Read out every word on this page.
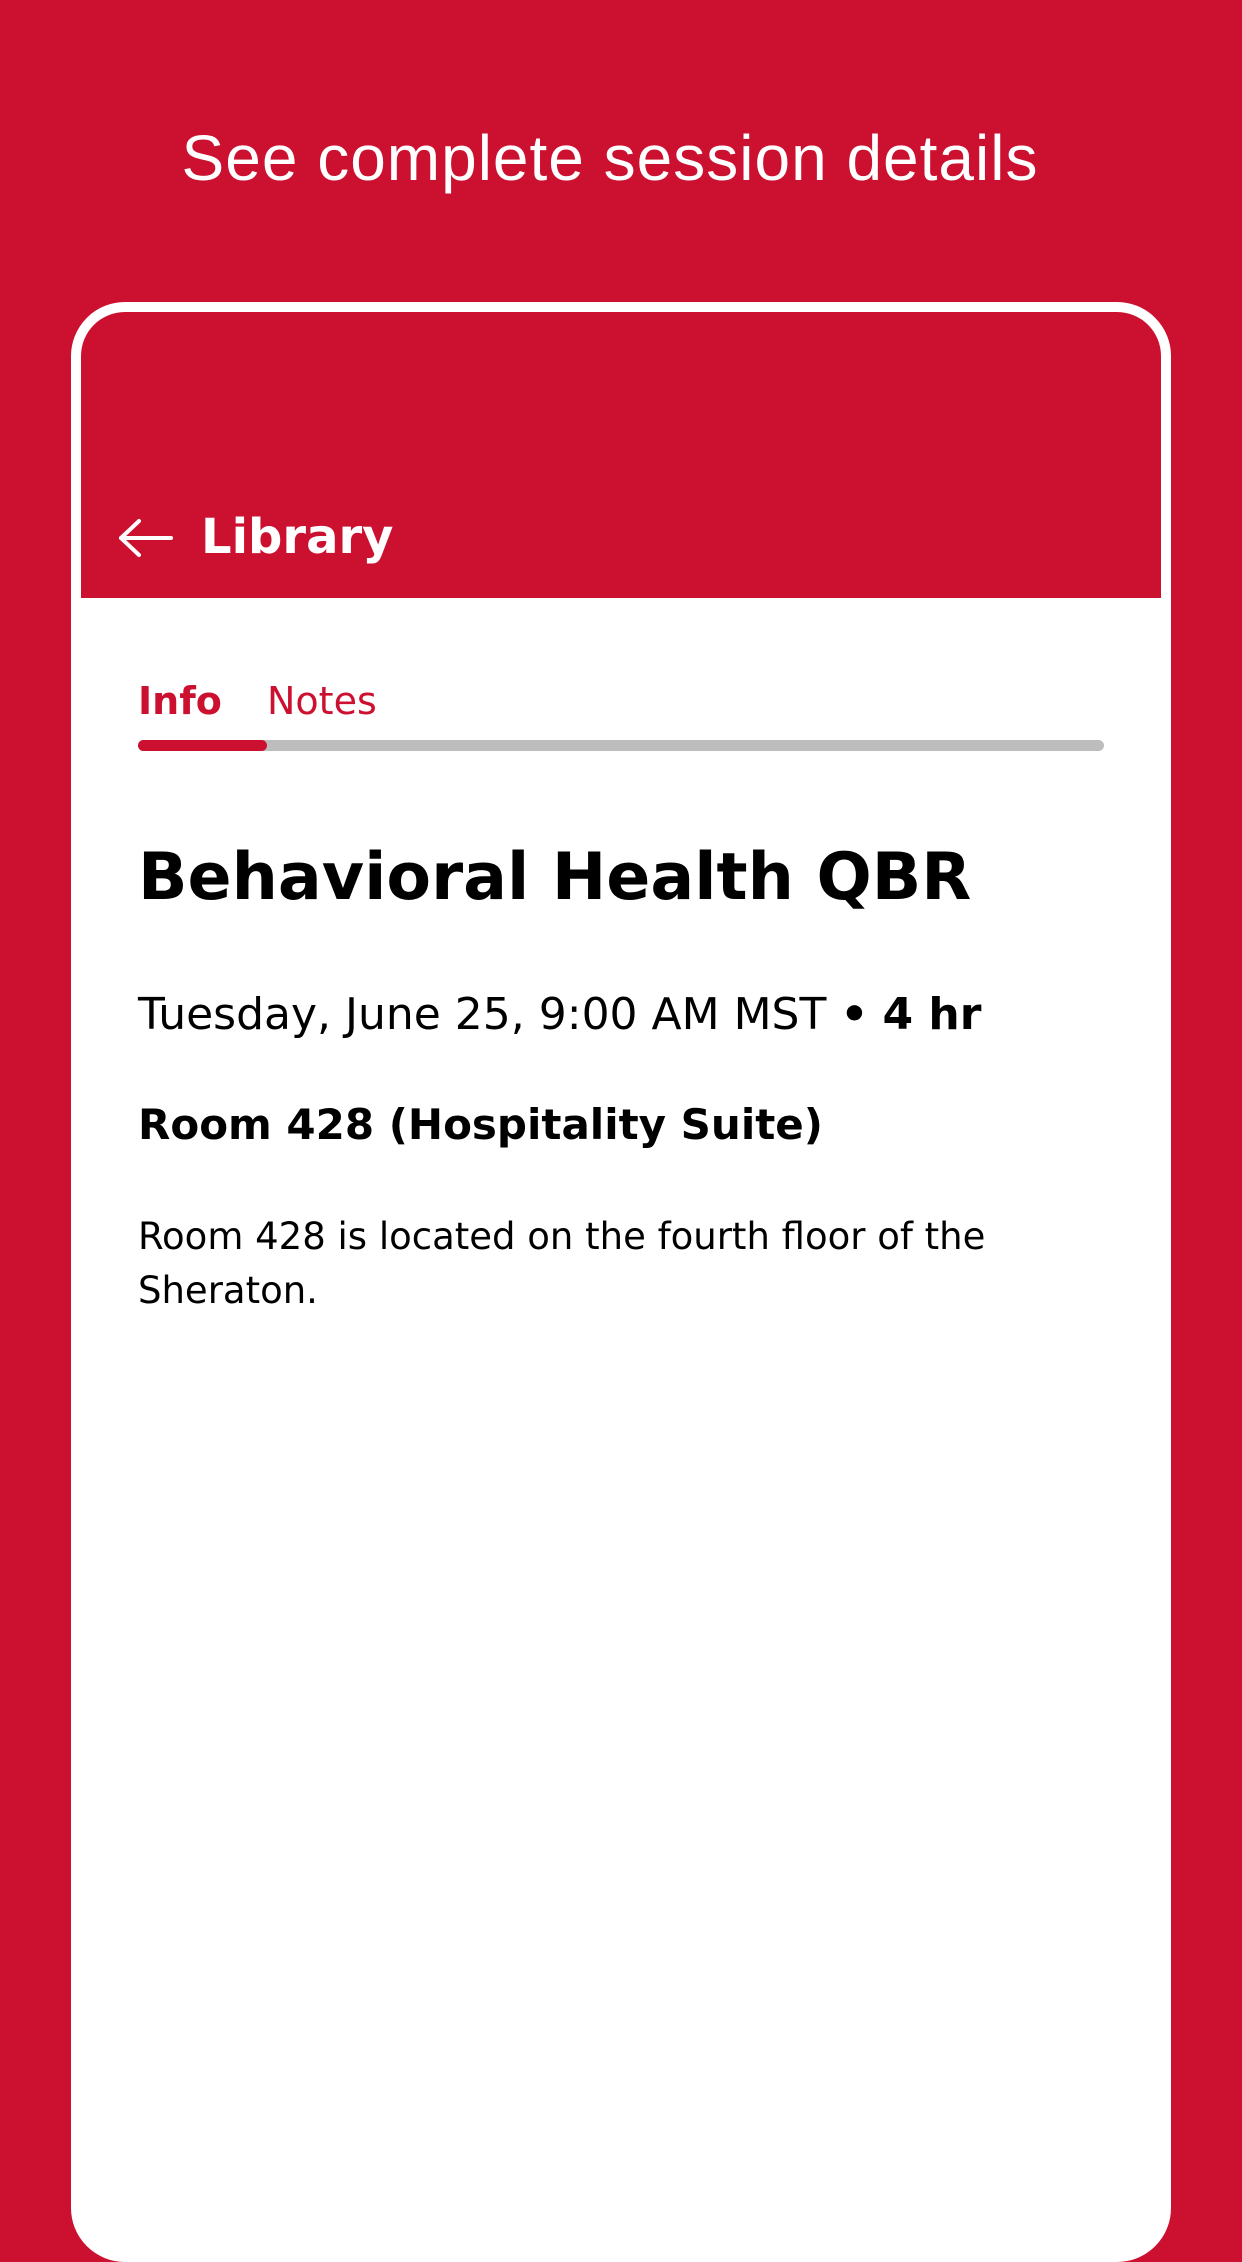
See complete session details
Library
Info Notes
Behavioral Health QBR
Tuesday, June 25, 9:00 AM MST • 4 hr
Room 428 (Hospitality Suite)
Room 428 is located on the fourth floor of the Sheraton.
